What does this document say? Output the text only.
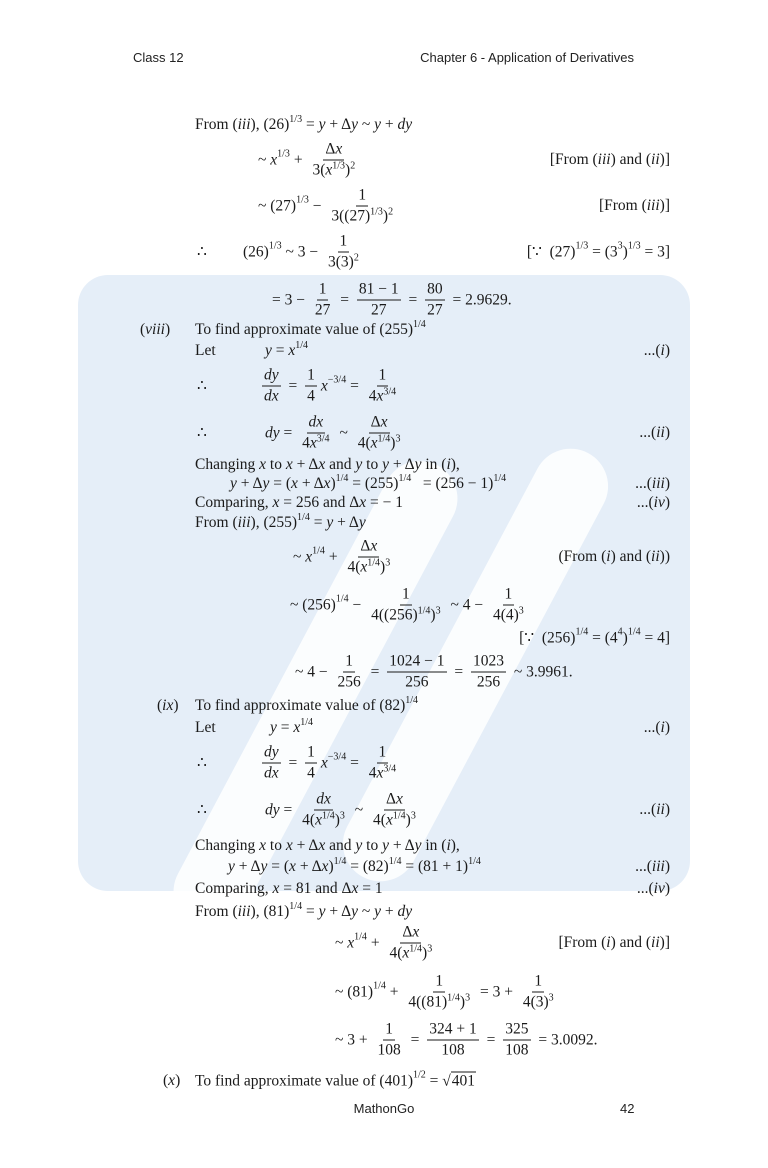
Class 12	Chapter 6 - Application of Derivatives
From ( iii ), (26) 1/3 = y + Δ y ~ y + dy
~ x $1/3 + \frac{\Delta x}{3(x^{1/3})^2}$	[From ( iii ) and ( ii )]
~ (27) $1/3 - \frac{1}{3((27)^{1/3})^2}$	[From ( iii )]
∴ (26) 1/3 ~ $3 - \frac{1}{3(3)^2}$	[∵  (27) 1/3 = (3 3 ) 1/3 = 3]
= $3 - \frac{1}{27} = \frac{81 - 1}{27} = \frac{80}{27} = 2.9629$.
( viii ) To find approximate value of (255) 1/4
Let	y = x 1/4	...( i )
∴	$\frac{dy}{dx} = \frac{1}{4}$ $x -3/4 = \frac{1}{4x^{3/4}}$
∴	dy = $\frac{dx}{4x^{3/4}}$ ~ $\frac{\Delta x}{4(x^{1/4})^3}$	...( ii )
Changing x to x + Δ x and y to y + Δ y in ( i ),
y + Δ y = ( x + Δ x ) 1/4 = (255) 1/4 = (256 − 1) 1/4	...( iii )
Comparing, x = 256 and Δ x = − 1	...( iv )
From ( iii ), (255) 1/4 = y + Δ y
~ x $1/4 + \frac{\Delta x}{4(x^{1/4})^3}$	(From ( i ) and ( ii ))
~ (256) $1/4 - \frac{1}{4((256)^{1/4})^3}$ ~ $4 - \frac{1}{4(4)^3}$
[∵  (256) 1/4 = (4 4 ) 1/4 = 4]
~ $4 - \frac{1}{256} = \frac{1024 - 1}{256} = \frac{1023}{256}$ ~ 3.9961.
( ix ) To find approximate value of (82) 1/4
Let	y = x 1/4	...( i )
∴	$\frac{dy}{dx} = \frac{1}{4}$ $x -3/4 = \frac{1}{4x^{3/4}}$
∴	dy = $\frac{dx}{4(x^{1/4})^3}$ ~ $\frac{\Delta x}{4(x^{1/4})^3}$	...( ii )
Changing x to x + Δ x and y to y + Δ y in ( i ),
y + Δ y = ( x + Δ x ) 1/4 = (82) 1/4 = (81 + 1) 1/4	...( iii )
Comparing, x = 81 and Δ x = 1	...( iv )
From ( iii ), (81) 1/4 = y + Δ y ~ y + dy
~ x $1/4 + \frac{\Delta x}{4(x^{1/4})^3}$	[From ( i ) and ( ii )]
~ (81) $1/4 + \frac{1}{4((81)^{1/4})^3} = 3 + \frac{1}{4(3)^3}$
~ $3 + \frac{1}{108} = \frac{324 + 1}{108} = \frac{325}{108} = 3.0092$.
( x ) To find approximate value of (401) 1/2 = √ 401
MathonGo	42
